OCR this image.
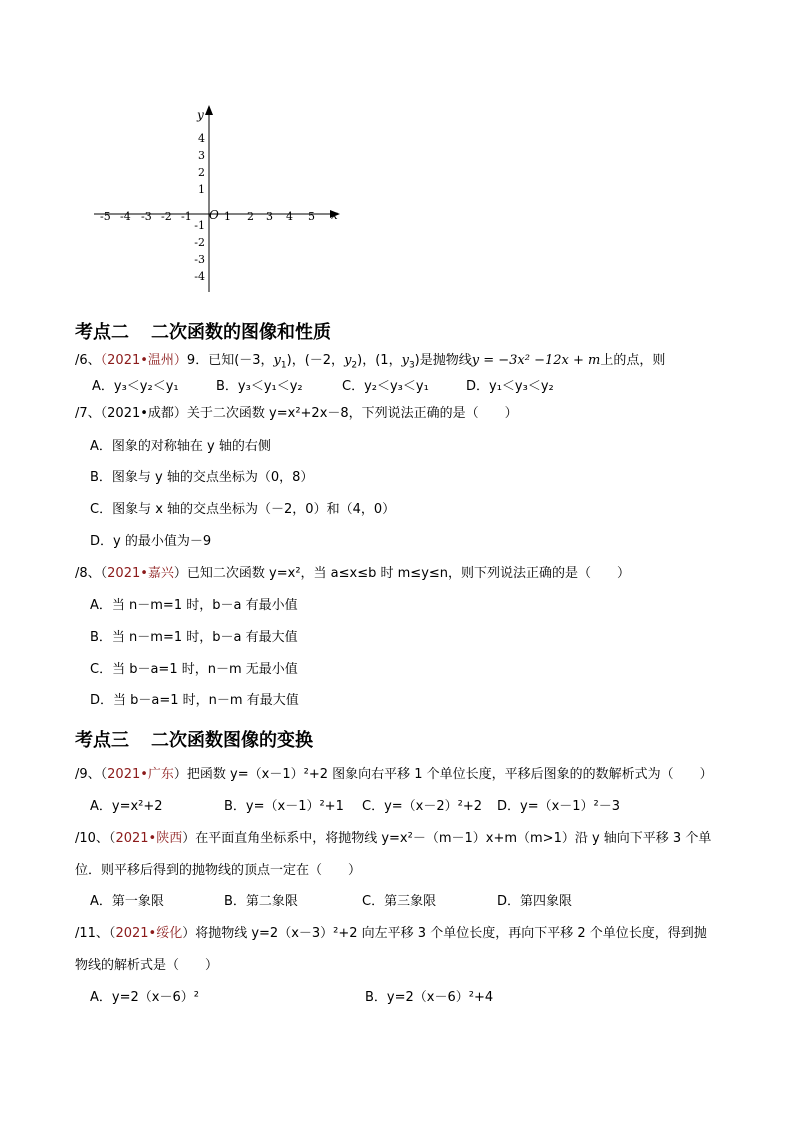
y
x
O
-5 -4 -3 -2 -1	1 2 3 4 5
4
3
2
1
-1
-2
-3
-4
考点二 二次函数的图像和性质
/6、（2021•温州）9．已知(－3，$y_1$)，(－2，$y_2$)，(1，$y_3$)是抛物线y = −3x² −12x + m上的点，则
A．y₃＜y₂＜y₁	B．y₃＜y₁＜y₂	C．y₂＜y₃＜y₁	D．y₁＜y₃＜y₂
/7、（2021•成都）关于二次函数 y=x²+2x－8，下列说法正确的是（　　）
A．图象的对称轴在 y 轴的右侧
B．图象与 y 轴的交点坐标为（0，8）
C．图象与 x 轴的交点坐标为（－2，0）和（4，0）
D．y 的最小值为－9
/8、（2021•嘉兴）已知二次函数 y=x²，当 a≤x≤b 时 m≤y≤n，则下列说法正确的是（　　）
A．当 n－m=1 时，b－a 有最小值
B．当 n－m=1 时，b－a 有最大值
C．当 b－a=1 时，n－m 无最小值
D．当 b－a=1 时，n－m 有最大值
考点三 二次函数图像的变换
/9、（2021•广东）把函数 y=（x－1）²+2 图象向右平移 1 个单位长度，平移后图象的的数解析式为（　　）
A．y=x²+2	B．y=（x－1）²+1 C．y=（x－2）²+2 D．y=（x－1）²－3
/10、（2021•陕西）在平面直角坐标系中，将抛物线 y=x²－（m－1）x+m（m>1）沿 y 轴向下平移 3 个单
位．则平移后得到的抛物线的顶点一定在（　　）
A．第一象限	B．第二象限	C．第三象限	D．第四象限
/11、（2021•绥化）将抛物线 y=2（x－3）²+2 向左平移 3 个单位长度，再向下平移 2 个单位长度，得到抛
物线的解析式是（　　）
A．y=2（x－6）²	B．y=2（x－6）²+4
